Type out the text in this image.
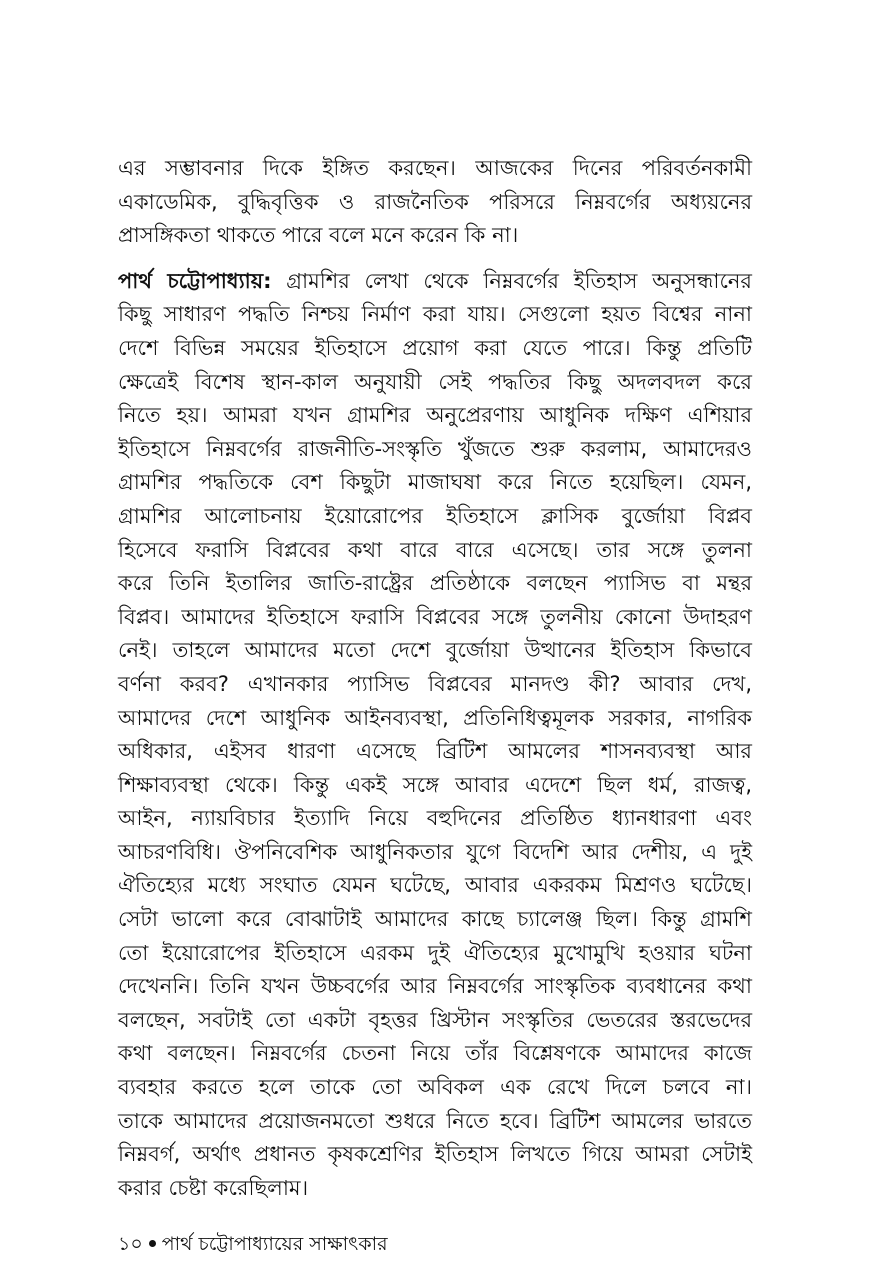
এর সম্ভাবনার দিকে ইঙ্গিত করছেন। আজকের দিনের পরিবর্তনকামী
একাডেমিক, বুদ্ধিবৃত্তিক ও রাজনৈতিক পরিসরে নিম্নবর্গের অধ্যয়নের
প্রাসঙ্গিকতা থাকতে পারে বলে মনে করেন কি না।
পার্থ চট্টোপাধ্যায়: গ্রামশির লেখা থেকে নিম্নবর্গের ইতিহাস অনুসন্ধানের
কিছু সাধারণ পদ্ধতি নিশ্চয় নির্মাণ করা যায়। সেগুলো হয়ত বিশ্বের নানা
দেশে বিভিন্ন সময়ের ইতিহাসে প্রয়োগ করা যেতে পারে। কিন্তু প্রতিটি
ক্ষেত্রেই বিশেষ স্থান-কাল অনুযায়ী সেই পদ্ধতির কিছু অদলবদল করে
নিতে হয়। আমরা যখন গ্রামশির অনুপ্রেরণায় আধুনিক দক্ষিণ এশিয়ার
ইতিহাসে নিম্নবর্গের রাজনীতি-সংস্কৃতি খুঁজতে শুরু করলাম, আমাদেরও
গ্রামশির পদ্ধতিকে বেশ কিছুটা মাজাঘষা করে নিতে হয়েছিল। যেমন,
গ্রামশির আলোচনায় ইয়োরোপের ইতিহাসে ক্লাসিক বুর্জোয়া বিপ্লব
হিসেবে ফরাসি বিপ্লবের কথা বারে বারে এসেছে। তার সঙ্গে তুলনা
করে তিনি ইতালির জাতি-রাষ্ট্রের প্রতিষ্ঠাকে বলছেন প্যাসিভ বা মন্থর
বিপ্লব। আমাদের ইতিহাসে ফরাসি বিপ্লবের সঙ্গে তুলনীয় কোনো উদাহরণ
নেই। তাহলে আমাদের মতো দেশে বুর্জোয়া উত্থানের ইতিহাস কিভাবে
বর্ণনা করব? এখানকার প্যাসিভ বিপ্লবের মানদণ্ড কী? আবার দেখ,
আমাদের দেশে আধুনিক আইনব্যবস্থা, প্রতিনিধিত্বমূলক সরকার, নাগরিক
অধিকার, এইসব ধারণা এসেছে ব্রিটিশ আমলের শাসনব্যবস্থা আর
শিক্ষাব্যবস্থা থেকে। কিন্তু একই সঙ্গে আবার এদেশে ছিল ধর্ম, রাজত্ব,
আইন, ন্যায়বিচার ইত্যাদি নিয়ে বহুদিনের প্রতিষ্ঠিত ধ্যানধারণা এবং
আচরণবিধি। ঔপনিবেশিক আধুনিকতার যুগে বিদেশি আর দেশীয়, এ দুই
ঐতিহ্যের মধ্যে সংঘাত যেমন ঘটেছে, আবার একরকম মিশ্রণও ঘটেছে।
সেটা ভালো করে বোঝাটাই আমাদের কাছে চ্যালেঞ্জ ছিল। কিন্তু গ্রামশি
তো ইয়োরোপের ইতিহাসে এরকম দুই ঐতিহ্যের মুখোমুখি হওয়ার ঘটনা
দেখেননি। তিনি যখন উচ্চবর্গের আর নিম্নবর্গের সাংস্কৃতিক ব্যবধানের কথা
বলছেন, সবটাই তো একটা বৃহত্তর খ্রিস্টান সংস্কৃতির ভেতরের স্তরভেদের
কথা বলছেন। নিম্নবর্গের চেতনা নিয়ে তাঁর বিশ্লেষণকে আমাদের কাজে
ব্যবহার করতে হলে তাকে তো অবিকল এক রেখে দিলে চলবে না।
তাকে আমাদের প্রয়োজনমতো শুধরে নিতে হবে। ব্রিটিশ আমলের ভারতে
নিম্নবর্গ, অর্থাৎ প্রধানত কৃষকশ্রেণির ইতিহাস লিখতে গিয়ে আমরা সেটাই
করার চেষ্টা করেছিলাম।
১০ পার্থ চট্টোপাধ্যায়ের সাক্ষাৎকার
